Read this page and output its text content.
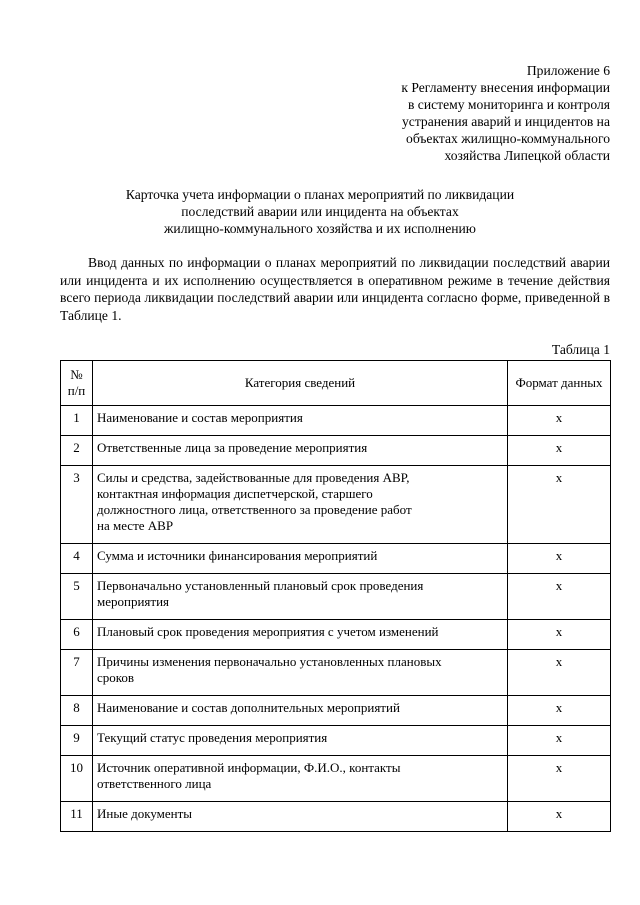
Приложение 6
к Регламенту внесения информации
в систему мониторинга и контроля
устранения аварий и инцидентов на
объектах жилищно-коммунального
хозяйства Липецкой области
Карточка учета информации о планах мероприятий по ликвидации
последствий аварии или инцидента на объектах
жилищно-коммунального хозяйства и их исполнению

Ввод данных по информации о планах мероприятий по ликвидации последствий аварии или инцидента и их исполнению осуществляется в оперативном режиме в течение действия всего периода ликвидации последствий аварии или инцидента согласно форме, приведенной в Таблице 1.

Таблица 1
№ п/п	Категория сведений	Формат данных
1	Наименование и состав мероприятия	x
2	Ответственные лица за проведение мероприятия	x
3	Силы и средства, задействованные для проведения АВР, контактная информация диспетчерской, старшего должностного лица, ответственного за проведение работ на месте АВР	x
4	Сумма и источники финансирования мероприятий	x
5	Первоначально установленный плановый срок проведения мероприятия	x
6	Плановый срок проведения мероприятия с учетом изменений	x
7	Причины изменения первоначально установленных плановых сроков	x
8	Наименование и состав дополнительных мероприятий	x
9	Текущий статус проведения мероприятия	x
10	Источник оперативной информации, Ф.И.О., контакты ответственного лица	x
11	Иные документы	x
